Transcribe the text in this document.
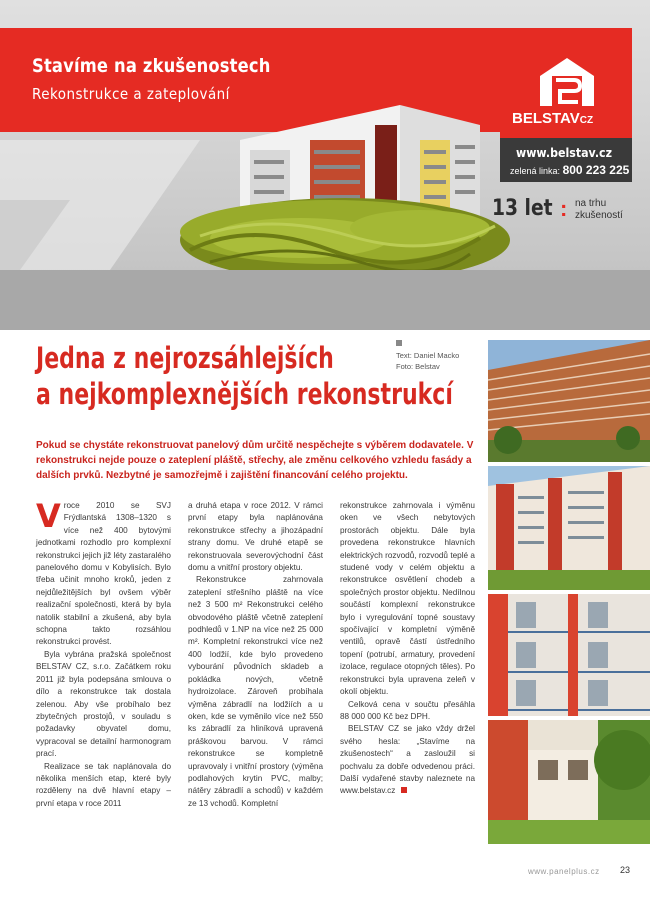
Stavíme na zkušenostech
Rekonstrukce a zateplování
BELSTAVCZ
www.belstav.cz
zelená linka: 800 223 225
13 let : na trhu
zkušeností
Jedna z nejrozsáhlejších
a nejkomplexnějších rekonstrukcí
Text: Daniel Macko
Foto: Belstav
Pokud se chystáte rekonstruovat panelový dům určitě nespěchejte s výběrem dodavatele. V rekonstrukci nejde pouze o zateplení pláště, střechy, ale změnu celkového vzhledu fasády a dalších prvků. Nezbytné je samozřejmě i zajištění financování celého projektu.

Vroce 2010 se SVJ Frýdlantská 1308–1320 s více než 400 bytovými jednotkami rozhodlo pro komplexní rekonstrukci jejich již léty zastaralého panelového domu v Kobylisích. Bylo třeba učinit mnoho kroků, jeden z nejdůležitějších byl ovšem výběr realizační společnosti, která by byla natolik stabilní a zkušená, aby byla schopna takto rozsáhlou rekonstrukci provést.

Byla vybrána pražská společnost BELSTAV CZ, s.r.o. Začátkem roku 2011 již byla podepsána smlouva o dílo a rekonstrukce tak dostala zelenou. Aby vše probíhalo bez zbytečných prostojů, v souladu s požadavky obyvatel domu, vypracoval se detailní harmonogram prací.

Realizace se tak naplánovala do několika menších etap, které byly rozděleny na dvě hlavní etapy – první etapa v roce 2011

a druhá etapa v roce 2012. V rámci první etapy byla naplánována rekonstrukce střechy a jihozápadní strany domu. Ve druhé etapě se rekonstruovala severovýchodní část domu a vnitřní prostory objektu.

Rekonstrukce zahrnovala zateplení střešního pláště na více než 3 500 m² Rekonstrukci celého obvodového pláště včetně zateplení podhledů v 1.NP na více než 25 000 m². Kompletní rekonstrukci více než 400 lodžií, kde bylo provedeno vybourání původních skladeb a pokládka nových, včetně hydroizolace. Zároveň probíhala výměna zábradlí na lodžiích a u oken, kde se vyměnilo více než 550 ks zábradlí za hliníková upravená práškovou barvou. V rámci rekonstrukce se kompletně upravovaly i vnitřní prostory (výměna podlahových krytin PVC, malby; nátěry zábradlí a schodů) v každém ze 13 vchodů. Kompletní

rekonstrukce zahrnovala i výměnu oken ve všech nebytových prostorách objektu. Dále byla provedena rekonstrukce hlavních elektrických rozvodů, rozvodů teplé a studené vody v celém objektu a rekonstrukce osvětlení chodeb a společných prostor objektu. Nedílnou součástí komplexní rekonstrukce bylo i vyregulování topné soustavy spočívající v kompletní výměně ventilů, opravě částí ústředního topení (potrubí, armatury, provedení izolace, regulace otopných těles). Po rekonstrukci byla upravena zeleň v okolí objektu.

Celková cena v součtu přesáhla 88 000 000 Kč bez DPH.

BELSTAV CZ se jako vždy držel svého hesla: „Stavíme na zkušenostech“ a zasloužil si pochvalu za dobře odvedenou práci. Další vydařené stavby naleznete na www.belstav.cz

www.panelplus.cz 23
